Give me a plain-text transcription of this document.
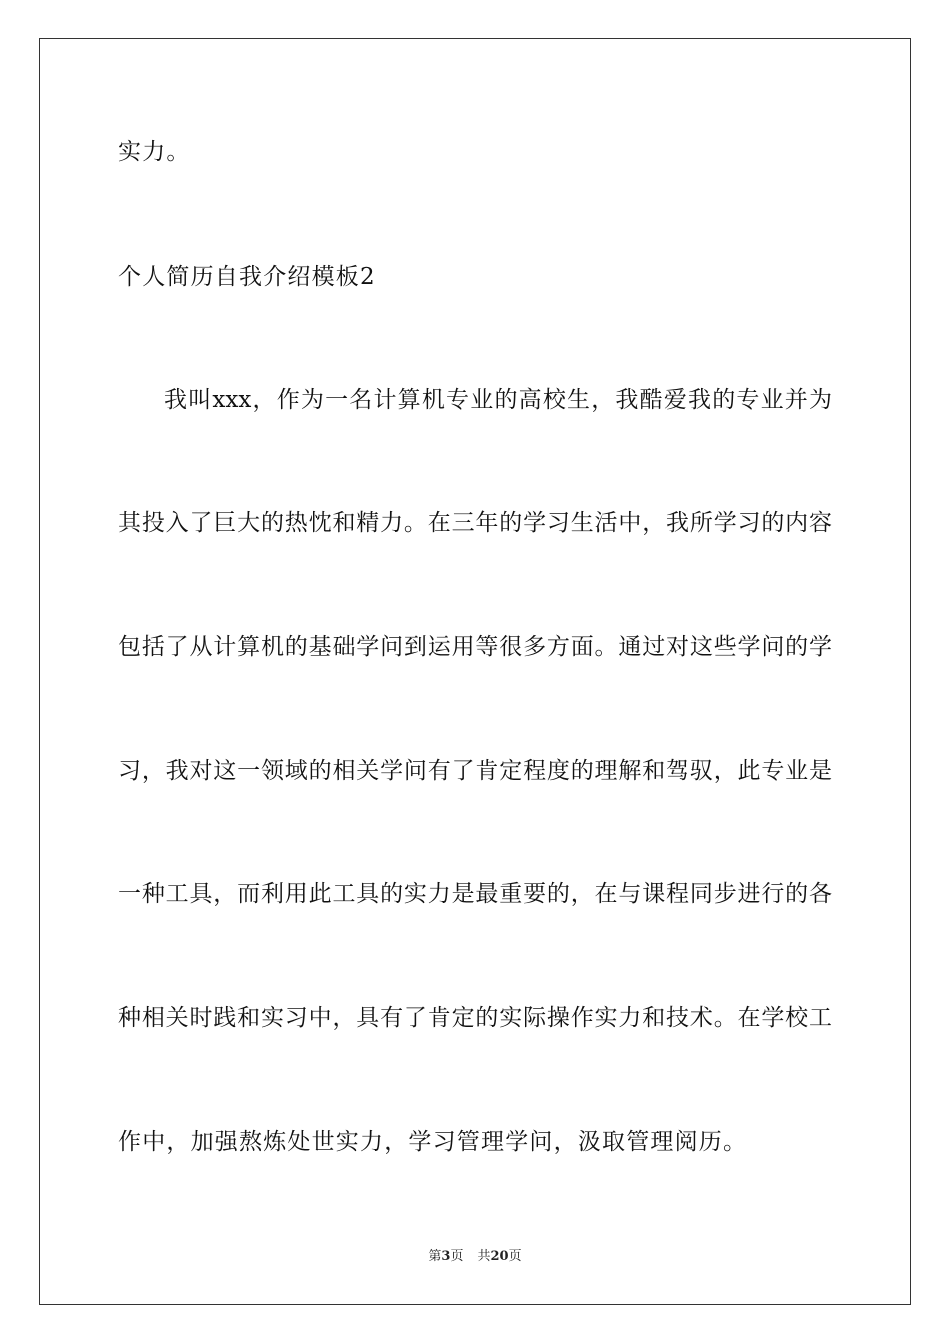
实力。
个人简历自我介绍模板2
我叫xxx，作为一名计算机专业的高校生，我酷爱我的专业并为
其投入了巨大的热忱和精力。在三年的学习生活中，我所学习的内容
包括了从计算机的基础学问到运用等很多方面。通过对这些学问的学
习，我对这一领域的相关学问有了肯定程度的理解和驾驭，此专业是
一种工具，而利用此工具的实力是最重要的，在与课程同步进行的各
种相关时践和实习中，具有了肯定的实际操作实力和技术。在学校工
作中，加强熬炼处世实力，学习管理学问，汲取管理阅历。
第3页 共20页
